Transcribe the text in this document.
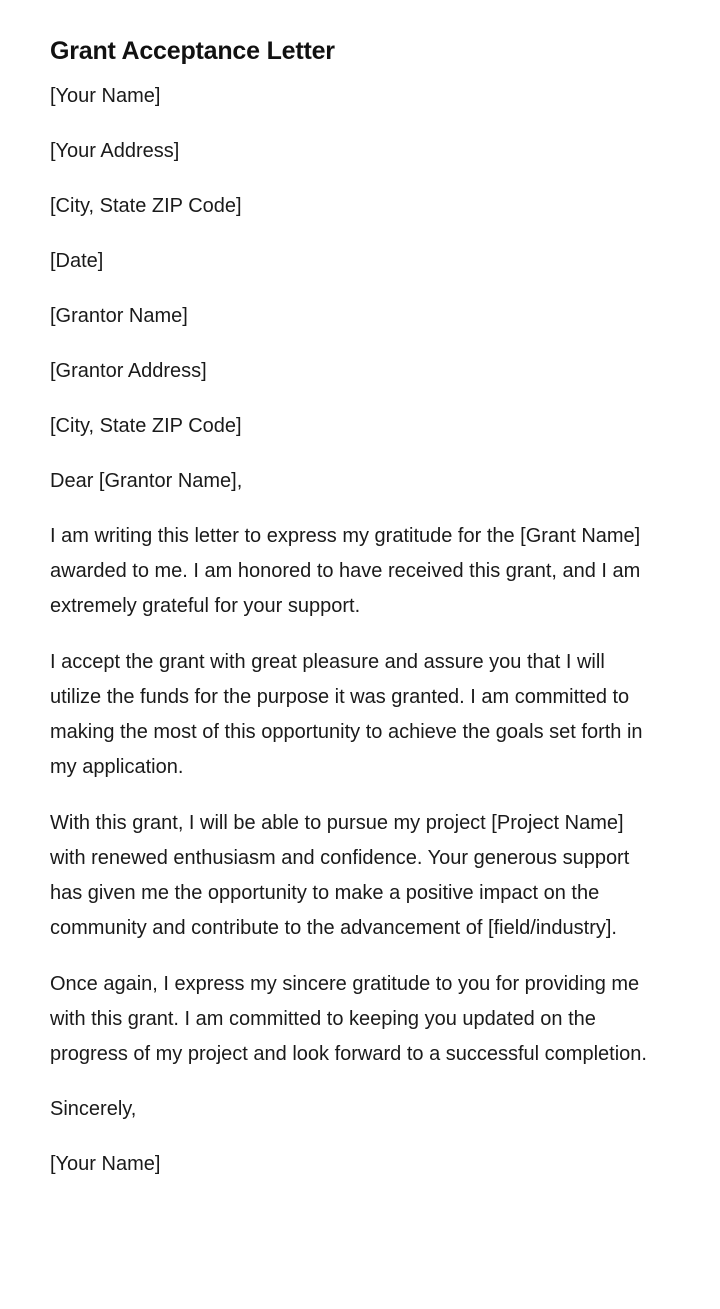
Grant Acceptance Letter
[Your Name]
[Your Address]
[City, State ZIP Code]
[Date]
[Grantor Name]
[Grantor Address]
[City, State ZIP Code]
Dear [Grantor Name],

I am writing this letter to express my gratitude for the [Grant Name] awarded to me. I am honored to have received this grant, and I am extremely grateful for your support.

I accept the grant with great pleasure and assure you that I will utilize the funds for the purpose it was granted. I am committed to making the most of this opportunity to achieve the goals set forth in my application.

With this grant, I will be able to pursue my project [Project Name] with renewed enthusiasm and confidence. Your generous support has given me the opportunity to make a positive impact on the community and contribute to the advancement of [field/industry].

Once again, I express my sincere gratitude to you for providing me with this grant. I am committed to keeping you updated on the progress of my project and look forward to a successful completion.

Sincerely,
[Your Name]
